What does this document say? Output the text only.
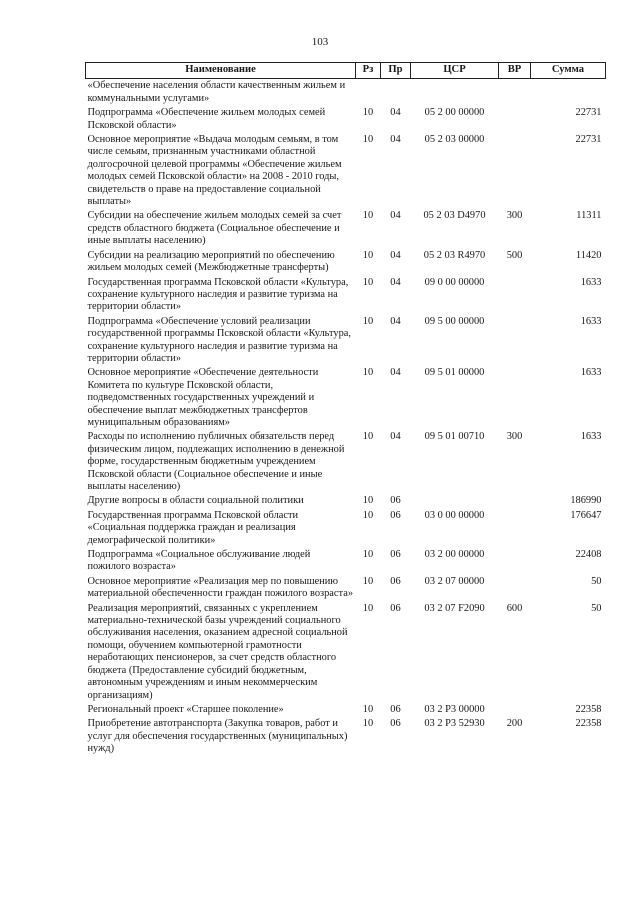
103
Наименование	Рз	Пр	ЦСР	ВР	Сумма
«Обеспечение населения области качественным жильем и коммунальными услугами»					
Подпрограмма «Обеспечение жильем молодых семей Псковской области»	10	04	05 2 00 00000		22731
Основное мероприятие «Выдача молодым семьям, в том числе семьям, признанным участниками областной долгосрочной целевой программы «Обеспечение жильем молодых семей Псковской области» на 2008 - 2010 годы, свидетельств о праве на предоставление социальной выплаты»	10	04	05 2 03 00000		22731
Субсидии на обеспечение жильем молодых семей за счет средств областного бюджета (Социальное обеспечение и иные выплаты населению)	10	04	05 2 03 D4970	300	11311
Субсидии на реализацию мероприятий по обеспечению жильем молодых семей (Межбюджетные трансферты)	10	04	05 2 03 R4970	500	11420
Государственная программа Псковской области «Культура, сохранение культурного наследия и развитие туризма на территории области»	10	04	09 0 00 00000		1633
Подпрограмма «Обеспечение условий реализации государственной программы Псковской области «Культура, сохранение культурного наследия и развитие туризма на территории области»	10	04	09 5 00 00000		1633
Основное мероприятие «Обеспечение деятельности Комитета по культуре Псковской области, подведомственных государственных учреждений и обеспечение выплат межбюджетных трансфертов муниципальным образованиям»	10	04	09 5 01 00000		1633
Расходы по исполнению публичных обязательств перед физическим лицом, подлежащих исполнению в денежной форме, государственным бюджетным учреждением Псковской области (Социальное обеспечение и иные выплаты населению)	10	04	09 5 01 00710	300	1633
Другие вопросы в области социальной политики	10	06			186990
Государственная программа Псковской области «Социальная поддержка граждан и реализация демографической политики»	10	06	03 0 00 00000		176647
Подпрограмма «Социальное обслуживание людей пожилого возраста»	10	06	03 2 00 00000		22408
Основное мероприятие «Реализация мер по повышению материальной обеспеченности граждан пожилого возраста»	10	06	03 2 07 00000		50
Реализация мероприятий, связанных с укреплением материально-технической базы учреждений социального обслуживания населения, оказанием адресной социальной помощи, обучением компьютерной грамотности неработающих пенсионеров, за счет средств областного бюджета (Предоставление субсидий бюджетным, автономным учреждениям и иным некоммерческим организациям)	10	06	03 2 07 F2090	600	50
Региональный проект «Старшее поколение»	10	06	03 2 P3 00000		22358
Приобретение автотранспорта (Закупка товаров, работ и услуг для обеспечения государственных (муниципальных) нужд)	10	06	03 2 P3 52930	200	22358
